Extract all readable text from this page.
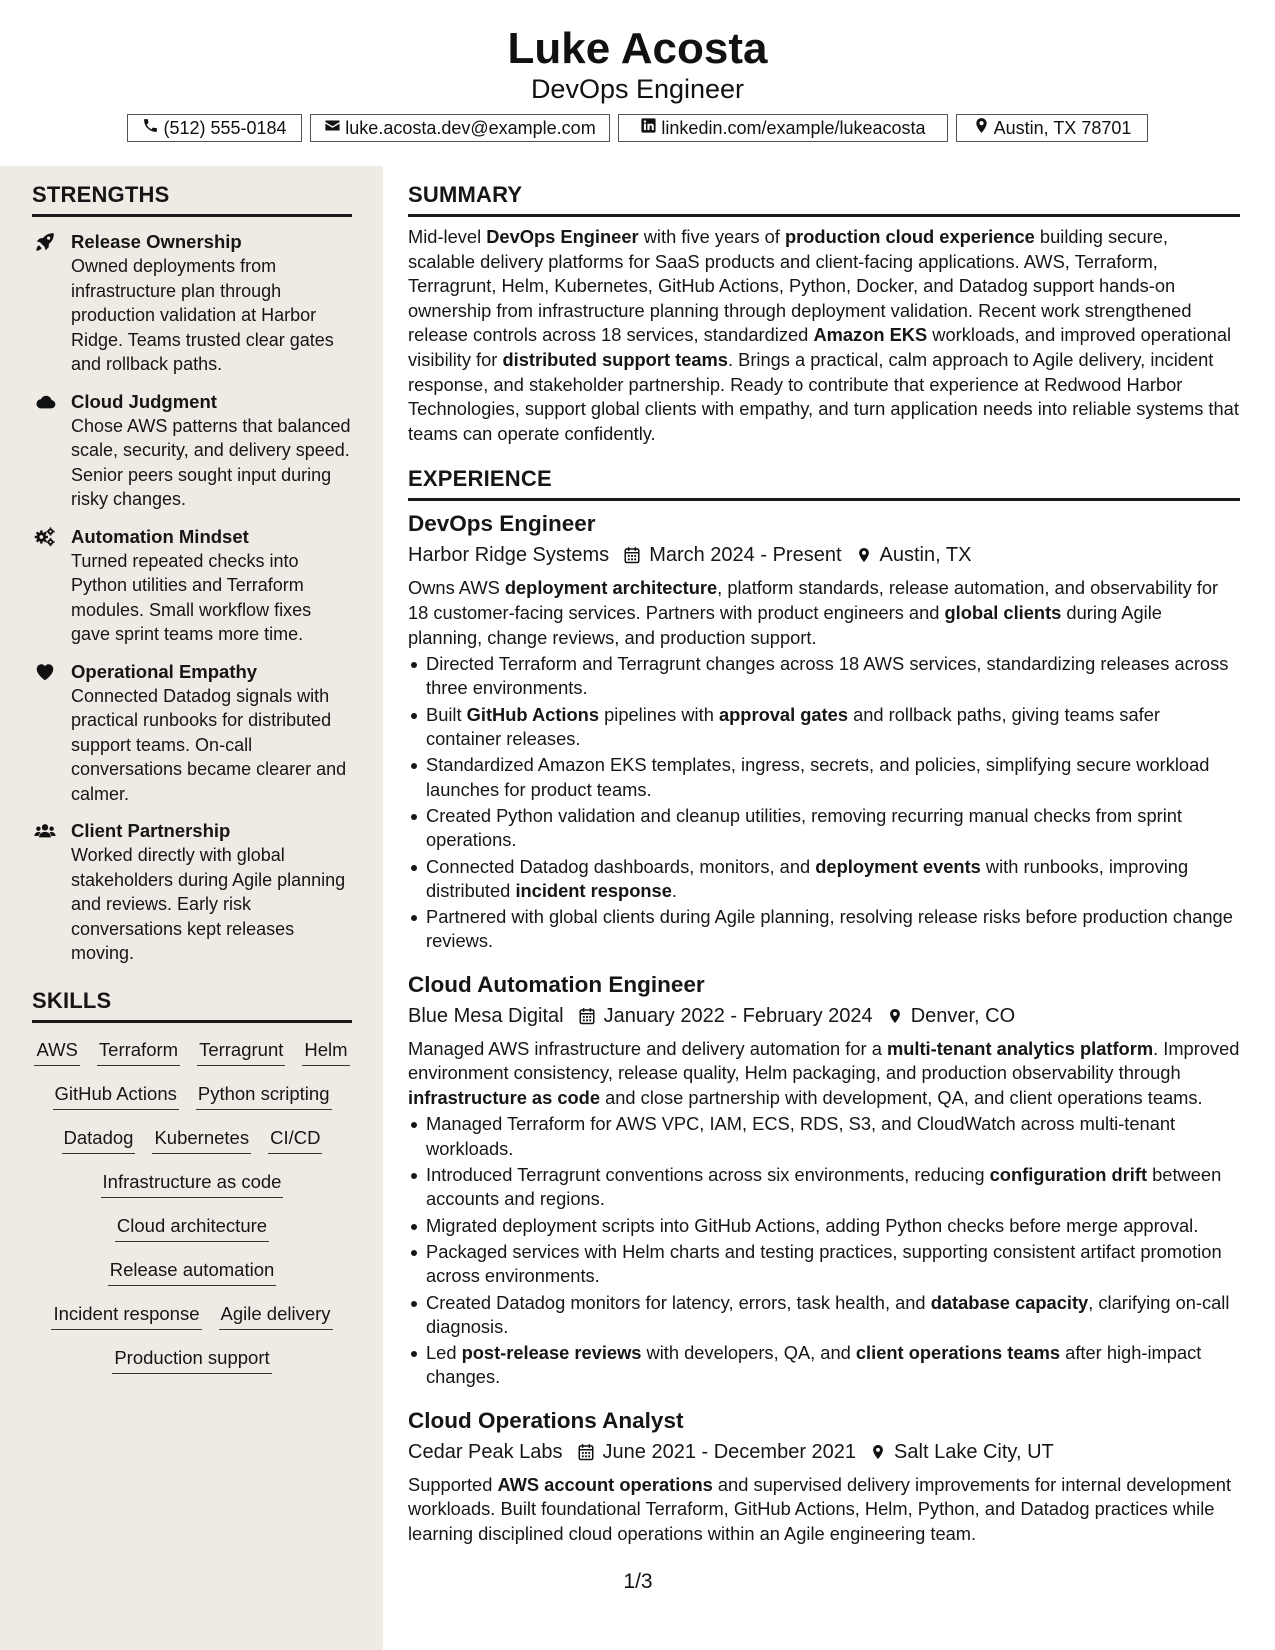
Luke Acosta
DevOps Engineer
(512) 555-0184	luke.acosta.dev@example.com	linkedin.com/example/lukeacosta	Austin, TX 78701
STRENGTHS
Release Ownership
Owned deployments from infrastructure plan through production validation at Harbor Ridge. Teams trusted clear gates and rollback paths.
Cloud Judgment
Chose AWS patterns that balanced scale, security, and delivery speed. Senior peers sought input during risky changes.
Automation Mindset
Turned repeated checks into Python utilities and Terraform modules. Small workflow fixes gave sprint teams more time.
Operational Empathy
Connected Datadog signals with practical runbooks for distributed support teams. On-call conversations became clearer and calmer.
Client Partnership
Worked directly with global stakeholders during Agile planning and reviews. Early risk conversations kept releases moving.
SKILLS
AWS Terraform Terragrunt Helm
GitHub Actions Python scripting
Datadog Kubernetes CI/CD
Infrastructure as code
Cloud architecture
Release automation
Incident response Agile delivery
Production support
SUMMARY
Mid-level DevOps Engineer with five years of production cloud experience building secure, scalable delivery platforms for SaaS products and client-facing applications. AWS, Terraform, Terragrunt, Helm, Kubernetes, GitHub Actions, Python, Docker, and Datadog support hands-on ownership from infrastructure planning through deployment validation. Recent work strengthened release controls across 18 services, standardized Amazon EKS workloads, and improved operational visibility for distributed support teams. Brings a practical, calm approach to Agile delivery, incident response, and stakeholder partnership. Ready to contribute that experience at Redwood Harbor Technologies, support global clients with empathy, and turn application needs into reliable systems that teams can operate confidently.
EXPERIENCE
DevOps Engineer
Harbor Ridge Systems March 2024 - Present Austin, TX
Owns AWS deployment architecture, platform standards, release automation, and observability for 18 customer-facing services. Partners with product engineers and global clients during Agile planning, change reviews, and production support.
Directed Terraform and Terragrunt changes across 18 AWS services, standardizing releases across three environments.
Built GitHub Actions pipelines with approval gates and rollback paths, giving teams safer container releases.
Standardized Amazon EKS templates, ingress, secrets, and policies, simplifying secure workload launches for product teams.
Created Python validation and cleanup utilities, removing recurring manual checks from sprint operations.
Connected Datadog dashboards, monitors, and deployment events with runbooks, improving distributed incident response.
Partnered with global clients during Agile planning, resolving release risks before production change reviews.
Cloud Automation Engineer
Blue Mesa Digital January 2022 - February 2024 Denver, CO
Managed AWS infrastructure and delivery automation for a multi-tenant analytics platform. Improved environment consistency, release quality, Helm packaging, and production observability through infrastructure as code and close partnership with development, QA, and client operations teams.
Managed Terraform for AWS VPC, IAM, ECS, RDS, S3, and CloudWatch across multi-tenant workloads.
Introduced Terragrunt conventions across six environments, reducing configuration drift between accounts and regions.
Migrated deployment scripts into GitHub Actions, adding Python checks before merge approval.
Packaged services with Helm charts and testing practices, supporting consistent artifact promotion across environments.
Created Datadog monitors for latency, errors, task health, and database capacity, clarifying on-call diagnosis.
Led post-release reviews with developers, QA, and client operations teams after high-impact changes.
Cloud Operations Analyst
Cedar Peak Labs June 2021 - December 2021 Salt Lake City, UT
Supported AWS account operations and supervised delivery improvements for internal development workloads. Built foundational Terraform, GitHub Actions, Helm, Python, and Datadog practices while learning disciplined cloud operations within an Agile engineering team.
1/3
